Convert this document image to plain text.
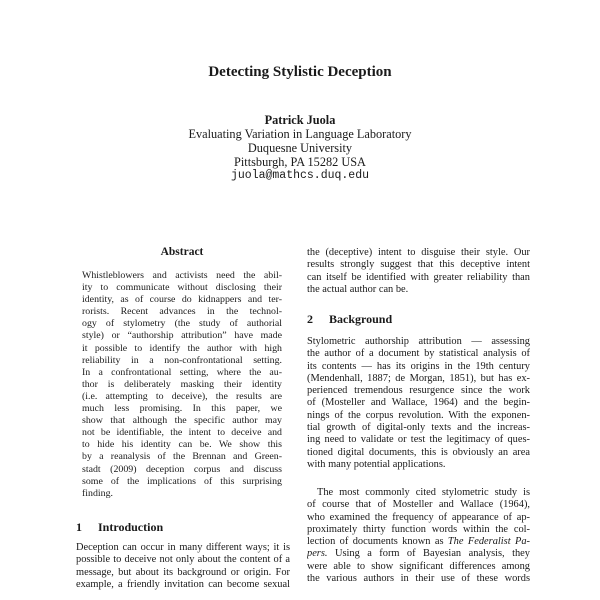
Detecting Stylistic Deception
Patrick Juola
Evaluating Variation in Language Laboratory
Duquesne University
Pittsburgh, PA 15282 USA
juola@mathcs.duq.edu
Abstract
Whistleblowers and activists need the abil-
ity to communicate without disclosing their
identity, as of course do kidnappers and ter-
rorists. Recent advances in the technol-
ogy of stylometry (the study of authorial
style) or “authorship attribution” have made
it possible to identify the author with high
reliability in a non-confrontational setting.
In a confrontational setting, where the au-
thor is deliberately masking their identity
(i.e. attempting to deceive), the results are
much less promising. In this paper, we
show that although the specific author may
not be identifiable, the intent to deceive and
to hide his identity can be. We show this
by a reanalysis of the Brennan and Green-
stadt (2009) deception corpus and discuss
some of the implications of this surprising
finding.
1 Introduction
Deception can occur in many different ways; it is
possible to deceive not only about the content of a
message, but about its background or origin. For
example, a friendly invitation can become sexual
the (deceptive) intent to disguise their style. Our
results strongly suggest that this deceptive intent
can itself be identified with greater reliability than
the actual author can be.
2 Background
Stylometric authorship attribution — assessing
the author of a document by statistical analysis of
its contents — has its origins in the 19th century
(Mendenhall, 1887; de Morgan, 1851), but has ex-
perienced tremendous resurgence since the work
of (Mosteller and Wallace, 1964) and the begin-
nings of the corpus revolution. With the exponen-
tial growth of digital-only texts and the increas-
ing need to validate or test the legitimacy of ques-
tioned digital documents, this is obviously an area
with many potential applications.
The most commonly cited stylometric study is
of course that of Mosteller and Wallace (1964),
who examined the frequency of appearance of ap-
proximately thirty function words within the col-
lection of documents known as The Federalist Pa-
pers. Using a form of Bayesian analysis, they
were able to show significant differences among
the various authors in their use of these words
